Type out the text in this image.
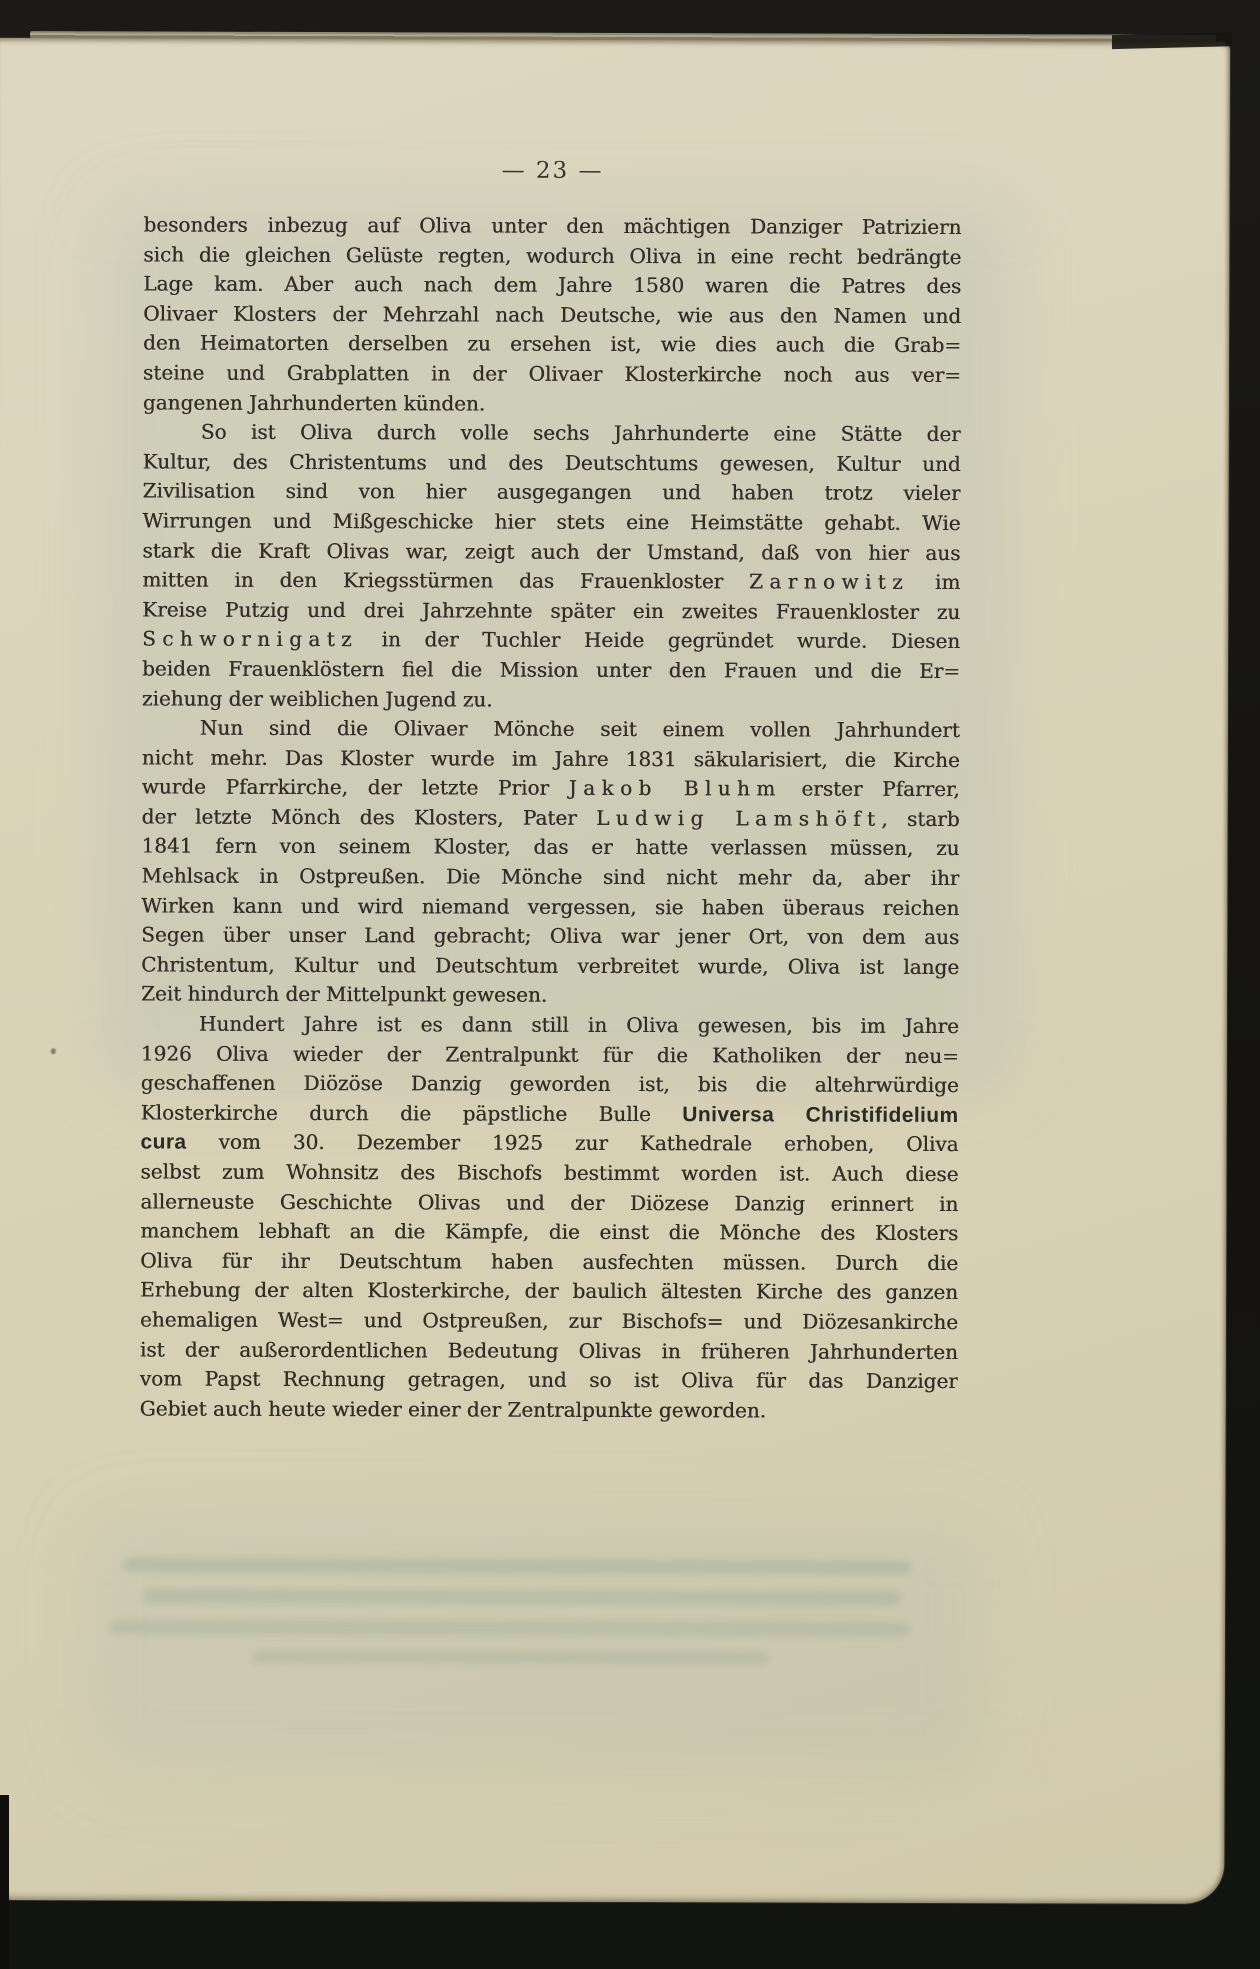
— 23 —
besonders inbezug auf Oliva unter den mächtigen Danziger Patriziern
sich die gleichen Gelüste regten, wodurch Oliva in eine recht bedrängte
Lage kam. Aber auch nach dem Jahre 1580 waren die Patres des
Olivaer Klosters der Mehrzahl nach Deutsche, wie aus den Namen und
den Heimatorten derselben zu ersehen ist, wie dies auch die Grab=
steine und Grabplatten in der Olivaer Klosterkirche noch aus ver=
gangenen Jahrhunderten künden.
So ist Oliva durch volle sechs Jahrhunderte eine Stätte der
Kultur, des Christentums und des Deutschtums gewesen, Kultur und
Zivilisation sind von hier ausgegangen und haben trotz vieler
Wirrungen und Mißgeschicke hier stets eine Heimstätte gehabt. Wie
stark die Kraft Olivas war, zeigt auch der Umstand, daß von hier aus
mitten in den Kriegsstürmen das Frauenkloster Zarnowitz im
Kreise Putzig und drei Jahrzehnte später ein zweites Frauenkloster zu
Schwornigatz in der Tuchler Heide gegründet wurde. Diesen
beiden Frauenklöstern fiel die Mission unter den Frauen und die Er=
ziehung der weiblichen Jugend zu.
Nun sind die Olivaer Mönche seit einem vollen Jahrhundert
nicht mehr. Das Kloster wurde im Jahre 1831 säkularisiert, die Kirche
wurde Pfarrkirche, der letzte Prior Jakob Bluhm erster Pfarrer,
der letzte Mönch des Klosters, Pater Ludwig Lamshöft, starb
1841 fern von seinem Kloster, das er hatte verlassen müssen, zu
Mehlsack in Ostpreußen. Die Mönche sind nicht mehr da, aber ihr
Wirken kann und wird niemand vergessen, sie haben überaus reichen
Segen über unser Land gebracht; Oliva war jener Ort, von dem aus
Christentum, Kultur und Deutschtum verbreitet wurde, Oliva ist lange
Zeit hindurch der Mittelpunkt gewesen.
Hundert Jahre ist es dann still in Oliva gewesen, bis im Jahre
1926 Oliva wieder der Zentralpunkt für die Katholiken der neu=
geschaffenen Diözöse Danzig geworden ist, bis die altehrwürdige
Klosterkirche durch die päpstliche Bulle Universa Christifidelium
cura vom 30. Dezember 1925 zur Kathedrale erhoben, Oliva
selbst zum Wohnsitz des Bischofs bestimmt worden ist. Auch diese
allerneuste Geschichte Olivas und der Diözese Danzig erinnert in
manchem lebhaft an die Kämpfe, die einst die Mönche des Klosters
Oliva für ihr Deutschtum haben ausfechten müssen. Durch die
Erhebung der alten Klosterkirche, der baulich ältesten Kirche des ganzen
ehemaligen West= und Ostpreußen, zur Bischofs= und Diözesankirche
ist der außerordentlichen Bedeutung Olivas in früheren Jahrhunderten
vom Papst Rechnung getragen, und so ist Oliva für das Danziger
Gebiet auch heute wieder einer der Zentralpunkte geworden.
